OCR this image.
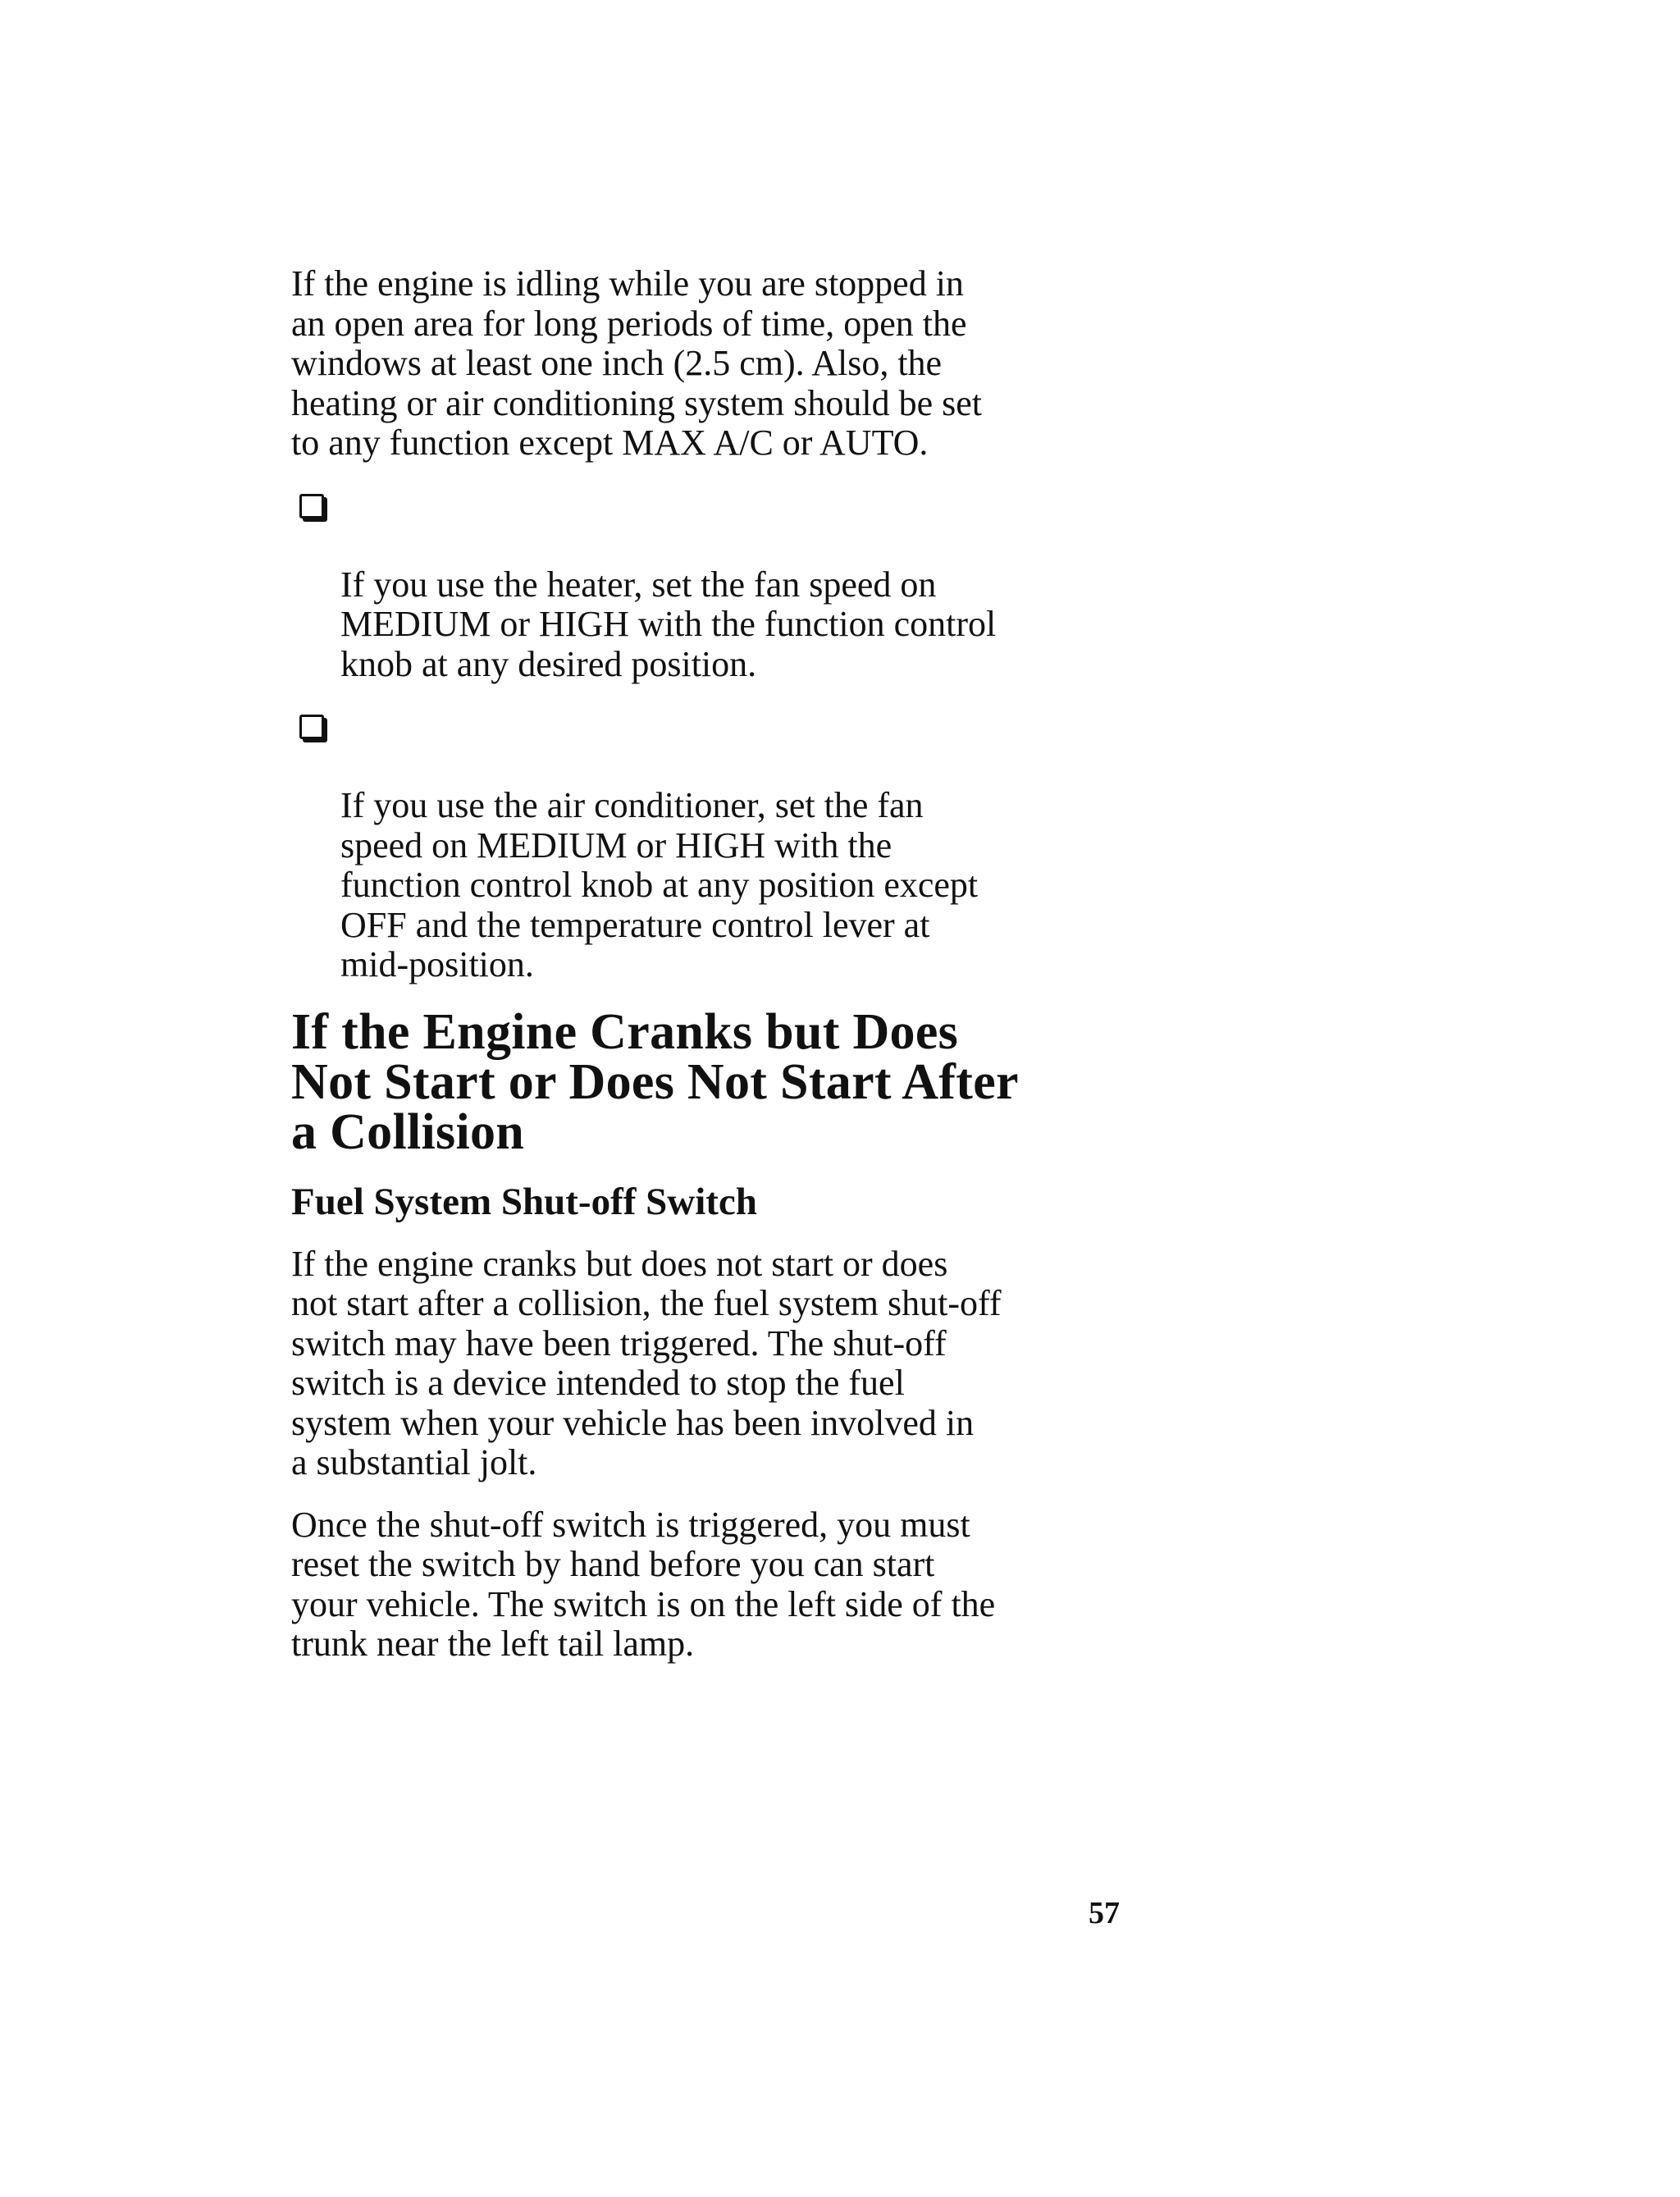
If the engine is idling while you are stopped in
an open area for long periods of time, open the
windows at least one inch (2.5 cm). Also, the
heating or air conditioning system should be set
to any function except MAX A/C or AUTO.

If you use the heater, set the fan speed on
MEDIUM or HIGH with the function control
knob at any desired position.

If you use the air conditioner, set the fan
speed on MEDIUM or HIGH with the
function control knob at any position except
OFF and the temperature control lever at
mid-position.

If the Engine Cranks but Does
Not Start or Does Not Start After
a Collision
Fuel System Shut-off Switch

If the engine cranks but does not start or does
not start after a collision, the fuel system shut-off
switch may have been triggered. The shut-off
switch is a device intended to stop the fuel
system when your vehicle has been involved in
a substantial jolt.

Once the shut-off switch is triggered, you must
reset the switch by hand before you can start
your vehicle. The switch is on the left side of the
trunk near the left tail lamp.

57
